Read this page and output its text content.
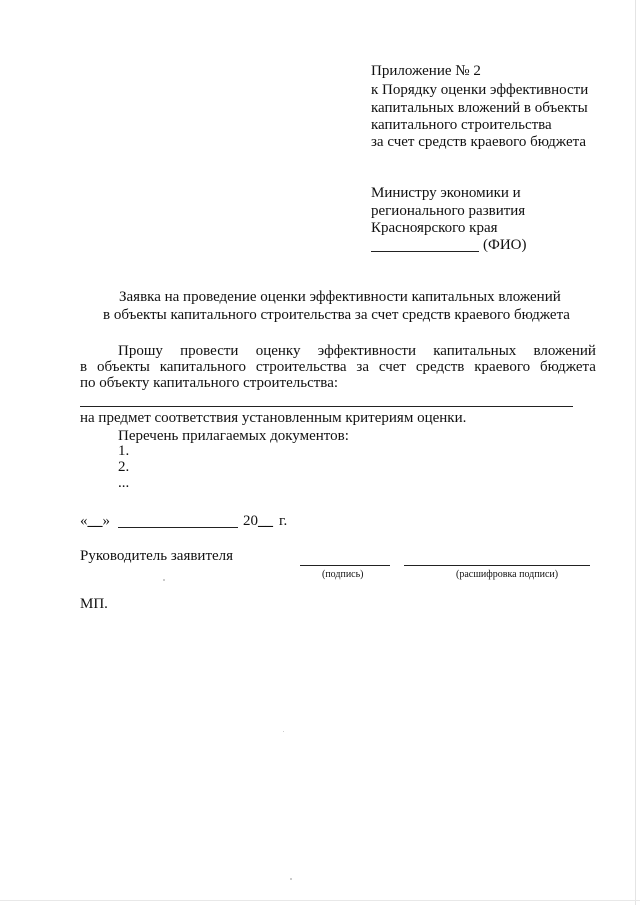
Приложение № 2
к Порядку оценки эффективности
капитальных вложений в объекты
капитального строительства
за счет средств краевого бюджета
Министру экономики и
регионального развития
Красноярского края
(ФИО)
Заявка на проведение оценки эффективности капитальных вложений
в объекты капитального строительства за счет средств краевого бюджета
Прошу провести оценку эффективности капитальных вложений
в объекты капитального строительства за счет средств краевого бюджета
по объекту капитального строительства:
на предмет соответствия установленным критериям оценки.
Перечень прилагаемых документов:
1.
2.
...
«__»	20__ г.
Руководитель заявителя
(подпись)	(расшифровка подписи)
МП.
